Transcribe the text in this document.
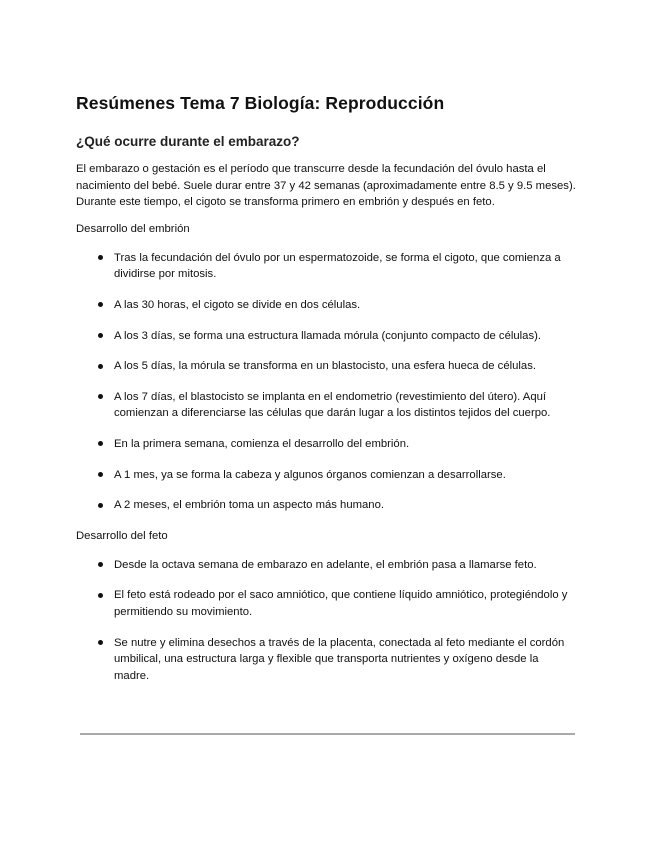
Resúmenes Tema 7 Biología: Reproducción
¿Qué ocurre durante el embarazo?

El embarazo o gestación es el período que transcurre desde la fecundación del óvulo hasta el nacimiento del bebé. Suele durar entre 37 y 42 semanas (aproximadamente entre 8.5 y 9.5 meses). Durante este tiempo, el cigoto se transforma primero en embrión y después en feto.

Desarrollo del embrión
Tras la fecundación del óvulo por un espermatozoide, se forma el cigoto, que comienza a dividirse por mitosis.
A las 30 horas, el cigoto se divide en dos células.
A los 3 días, se forma una estructura llamada mórula (conjunto compacto de células).
A los 5 días, la mórula se transforma en un blastocisto, una esfera hueca de células.
A los 7 días, el blastocisto se implanta en el endometrio (revestimiento del útero). Aquí comienzan a diferenciarse las células que darán lugar a los distintos tejidos del cuerpo.
En la primera semana, comienza el desarrollo del embrión.
A 1 mes, ya se forma la cabeza y algunos órganos comienzan a desarrollarse.
A 2 meses, el embrión toma un aspecto más humano.
Desarrollo del feto
Desde la octava semana de embarazo en adelante, el embrión pasa a llamarse feto.
El feto está rodeado por el saco amniótico, que contiene líquido amniótico, protegiéndolo y permitiendo su movimiento.
Se nutre y elimina desechos a través de la placenta, conectada al feto mediante el cordón umbilical, una estructura larga y flexible que transporta nutrientes y oxígeno desde la madre.
